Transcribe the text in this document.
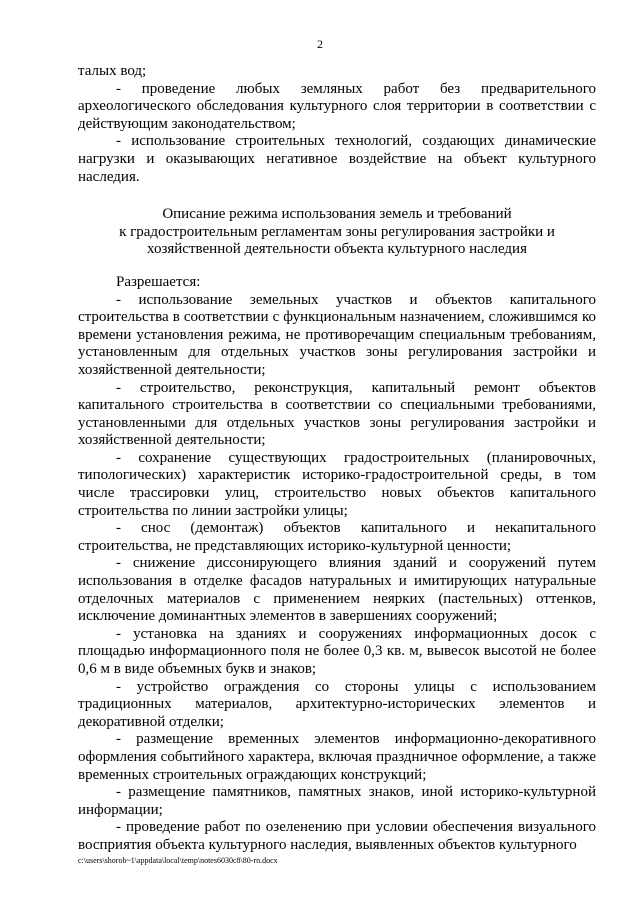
2

талых вод;

- проведение любых земляных работ без предварительного археологического обследования культурного слоя территории в соответствии с действующим законодательством;

- использование строительных технологий, создающих динамические нагрузки и оказывающих негативное воздействие на объект культурного наследия.

Описание режима использования земель и требований

к градостроительным регламентам зоны регулирования застройки и

хозяйственной деятельности объекта культурного наследия

Разрешается:

- использование земельных участков и объектов капитального строительства в соответствии с функциональным назначением, сложившимся ко времени установления режима, не противоречащим специальным требованиям, установленным для отдельных участков зоны регулирования застройки и хозяйственной деятельности;

- строительство, реконструкция, капитальный ремонт объектов капитального строительства в соответствии со специальными требованиями, установленными для отдельных участков зоны регулирования застройки и хозяйственной деятельности;

- сохранение существующих градостроительных (планировочных, типологических) характеристик историко-градостроительной среды, в том числе трассировки улиц, строительство новых объектов капитального строительства по линии застройки улицы;

- снос (демонтаж) объектов капитального и некапитального строительства, не представляющих историко-культурной ценности;

- снижение диссонирующего влияния зданий и сооружений путем использования в отделке фасадов натуральных и имитирующих натуральные отделочных материалов с применением неярких (пастельных) оттенков, исключение доминантных элементов в завершениях сооружений;

- установка на зданиях и сооружениях информационных досок с площадью информационного поля не более 0,3 кв. м, вывесок высотой не более 0,6 м в виде объемных букв и знаков;

- устройство ограждения со стороны улицы с использованием традиционных материалов, архитектурно-исторических элементов и декоративной отделки;

- размещение временных элементов информационно-декоративного оформления событийного характера, включая праздничное оформление, а также временных строительных ограждающих конструкций;

- размещение памятников, памятных знаков, иной историко-культурной информации;

- проведение работ по озеленению при условии обеспечения визуального восприятия объекта культурного наследия, выявленных объектов культурного

c:\users\shorob~1\appdata\local\temp\notes6030c8\80-rn.docx
